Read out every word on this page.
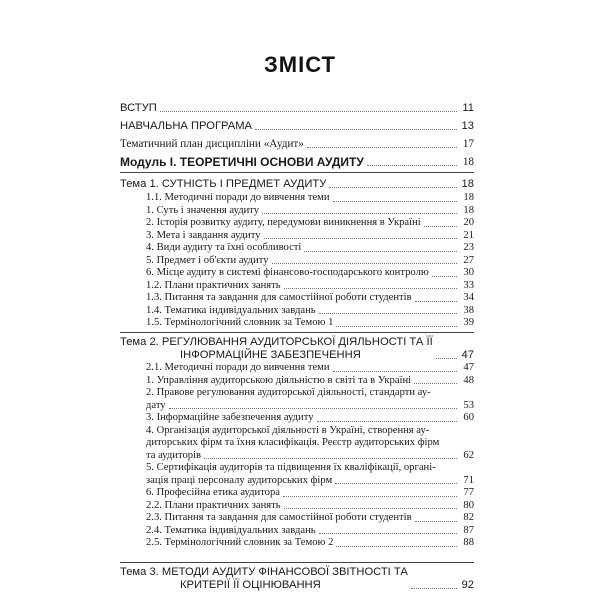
ЗМІСТ
ВСТУП	11
НАВЧАЛЬНА ПРОГРАМА	13
Тематичний план дисципліни «Аудит»	17
Модуль І. ТЕОРЕТИЧНІ ОСНОВИ АУДИТУ	18
Тема 1. СУТНІСТЬ І ПРЕДМЕТ АУДИТУ	18
1.1. Методичні поради до вивчення теми	18
1. Суть і значення аудиту	18
2. Історія розвитку аудиту, передумови виникнення в Україні	20
3. Мета і завдання аудиту	21
4. Види аудиту та їхні особливості	23
5. Предмет і об'єкти аудиту	27
6. Місце аудиту в системі фінансово-господарського контролю	30
1.2. Плани практичних занять	33
1.3. Питання та завдання для самостійної роботи студентів	34
1.4. Тематика індивідуальних завдань	38
1.5. Термінологічний словник за Темою 1	39
Тема 2. РЕГУЛЮВАННЯ АУДИТОРСЬКОЇ ДІЯЛЬНОСТІ ТА ЇЇ
ІНФОРМАЦІЙНЕ ЗАБЕЗПЕЧЕННЯ	47
2.1. Методичні поради до вивчення теми	47
1. Управління аудиторською діяльністю в світі та в Україні	48
2. Правове регулювання аудиторської діяльності, стандарти ау-
дату	53
3. Інформаційне забезпечення аудиту	60
4. Організація аудиторської діяльності в Україні, створення ау-
диторських фірм та їхня класифікація. Реєстр аудиторських фірм
та аудиторів	62
5. Сертифікація аудиторів та підвищення їх кваліфікації, органі-
зація праці персоналу аудиторських фірм	71
6. Професійна етика аудитора	77
2.2. Плани практичних занять	80
2.3. Питання та завдання для самостійної роботи студентів	82
2.4. Тематика індивідуальних завдань	87
2.5. Термінологічний словник за Темою 2	88
Тема 3. МЕТОДИ АУДИТУ ФІНАНСОВОЇ ЗВІТНОСТІ ТА
КРИТЕРІЇ ЇЇ ОЦІНЮВАННЯ	92
